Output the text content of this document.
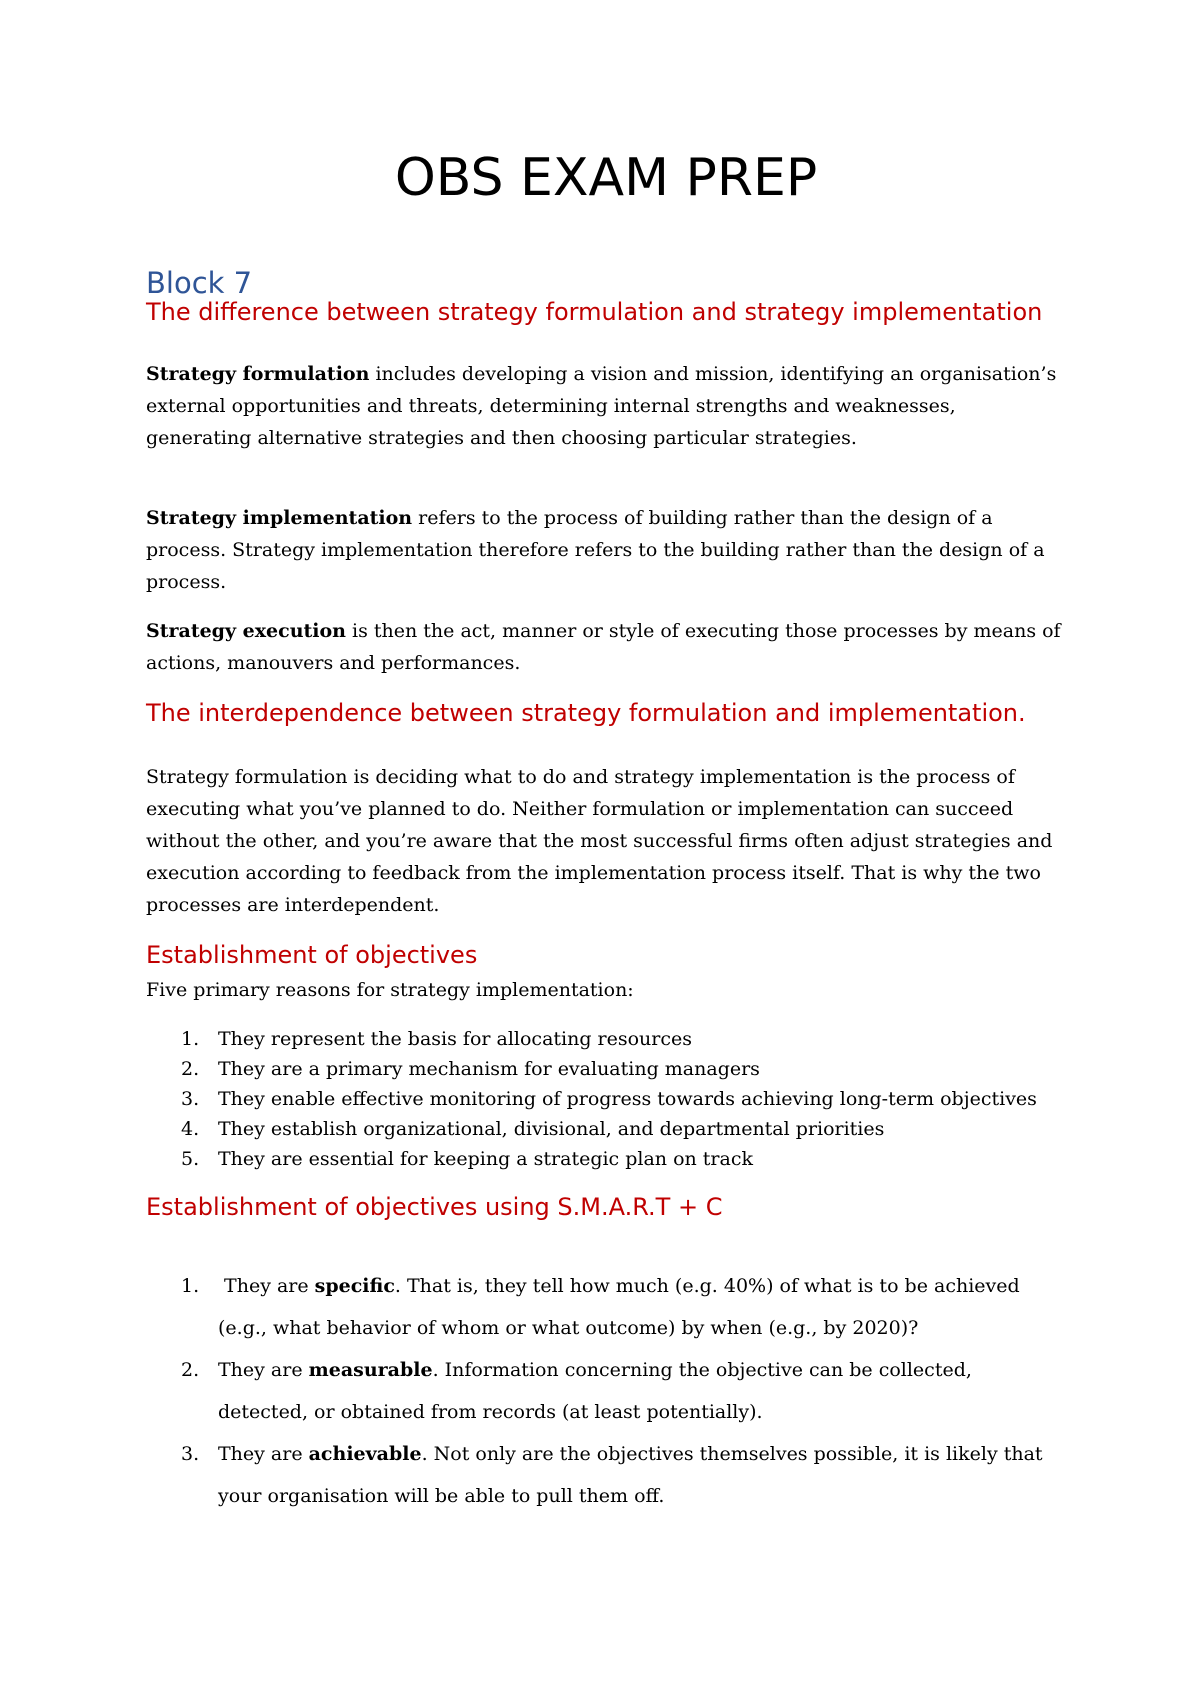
OBS EXAM PREP
Block 7
The difference between strategy formulation and strategy implementation

Strategy formulation includes developing a vision and mission, identifying an organisation’s external opportunities and threats, determining internal strengths and weaknesses, generating alternative strategies and then choosing particular strategies.

Strategy implementation refers to the process of building rather than the design of a process. Strategy implementation therefore refers to the building rather than the design of a process.

Strategy execution is then the act, manner or style of executing those processes by means of actions, manouvers and performances.

The interdependence between strategy formulation and implementation.

Strategy formulation is deciding what to do and strategy implementation is the process of executing what you’ve planned to do. Neither formulation or implementation can succeed without the other, and you’re aware that the most successful firms often adjust strategies and execution according to feedback from the implementation process itself. That is why the two processes are interdependent.

Establishment of objectives

Five primary reasons for strategy implementation:

1. They represent the basis for allocating resources
2. They are a primary mechanism for evaluating managers
3. They enable effective monitoring of progress towards achieving long-term objectives
4. They establish organizational, divisional, and departmental priorities
5. They are essential for keeping a strategic plan on track
Establishment of objectives using S.M.A.R.T + C
1. They are specific. That is, they tell how much (e.g. 40%) of what is to be achieved (e.g., what behavior of whom or what outcome) by when (e.g., by 2020)?
2. They are measurable. Information concerning the objective can be collected, detected, or obtained from records (at least potentially).
3. They are achievable. Not only are the objectives themselves possible, it is likely that your organisation will be able to pull them off.
